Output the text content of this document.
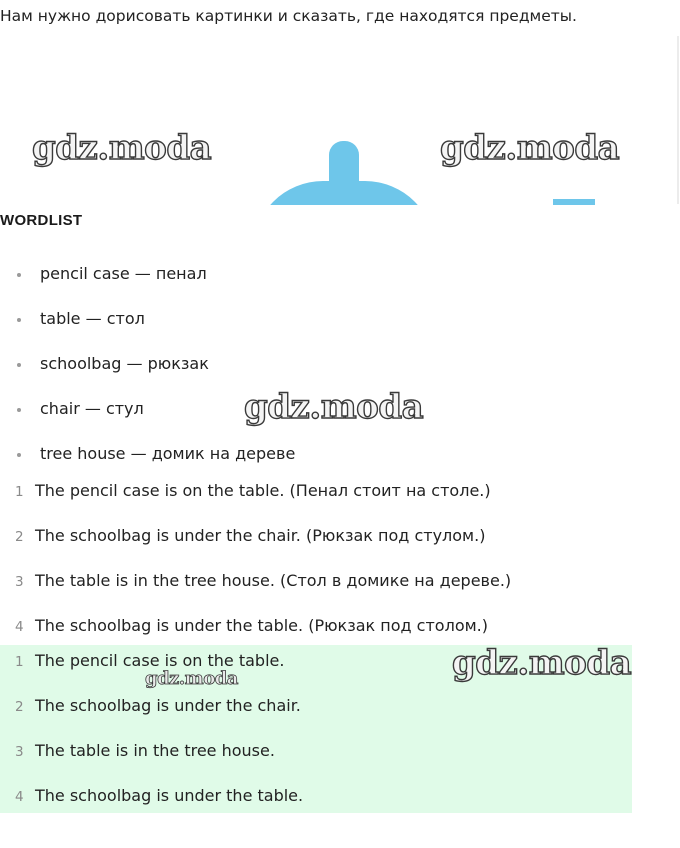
Нам нужно дорисовать картинки и сказать, где находятся предметы.
gdz.moda	gdz.moda
WORDLIST
pencil case — пенал
table — стол
schoolbag — рюкзак
chair — стул
tree house — домик на дереве
gdz.moda
1 The pencil case is on the table. (Пенал стоит на столе.)
2 The schoolbag is under the chair. (Рюкзак под стулом.)
3 The table is in the tree house. (Стол в домике на дереве.)
4 The schoolbag is under the table. (Рюкзак под столом.)
1 The pencil case is on the table.
2 The schoolbag is under the chair.
3 The table is in the tree house.
4 The schoolbag is under the table.
gdz.moda
gdz.moda
